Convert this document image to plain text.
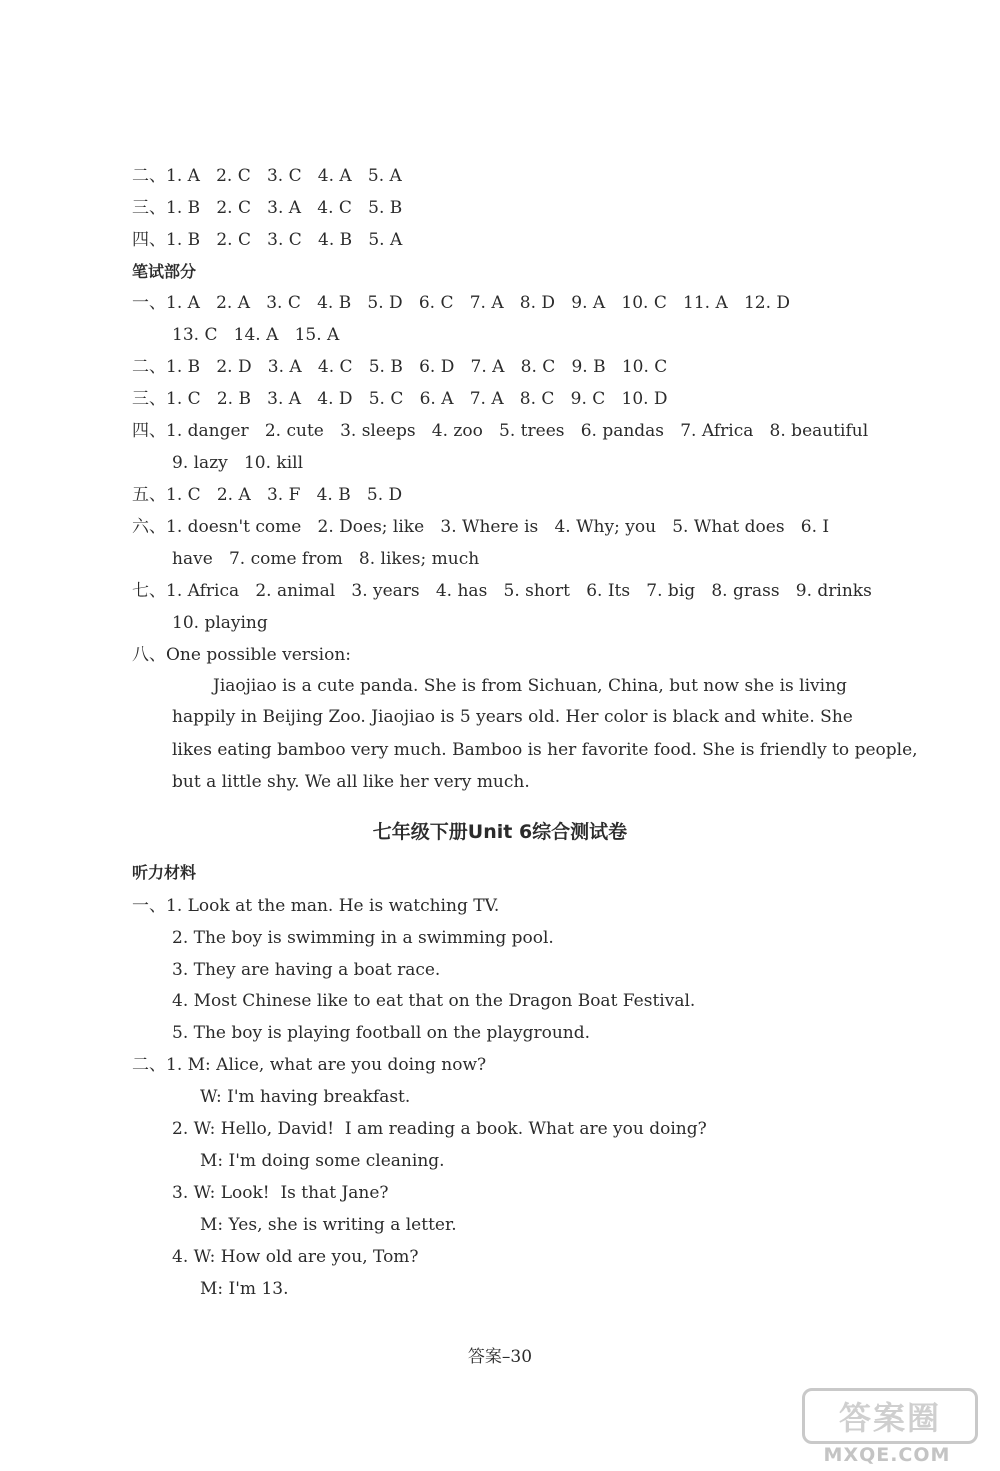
二、1. A   2. C   3. C   4. A   5. A
三、1. B   2. C   3. A   4. C   5. B
四、1. B   2. C   3. C   4. B   5. A
笔试部分
一、1. A   2. A   3. C   4. B   5. D   6. C   7. A   8. D   9. A   10. C   11. A   12. D
13. C   14. A   15. A
二、1. B   2. D   3. A   4. C   5. B   6. D   7. A   8. C   9. B   10. C
三、1. C   2. B   3. A   4. D   5. C   6. A   7. A   8. C   9. C   10. D
四、1. danger   2. cute   3. sleeps   4. zoo   5. trees   6. pandas   7. Africa   8. beautiful
9. lazy   10. kill
五、1. C   2. A   3. F   4. B   5. D
六、1. doesn't come   2. Does; like   3. Where is   4. Why; you   5. What does   6. I
have   7. come from   8. likes; much
七、1. Africa   2. animal   3. years   4. has   5. short   6. Its   7. big   8. grass   9. drinks
10. playing
八、One possible version:
Jiaojiao is a cute panda. She is from Sichuan, China, but now she is living
happily in Beijing Zoo. Jiaojiao is 5 years old. Her color is black and white. She
likes eating bamboo very much. Bamboo is her favorite food. She is friendly to people,
but a little shy. We all like her very much.
七年级下册Unit 6综合测试卷
听力材料
一、1. Look at the man. He is watching TV.
2. The boy is swimming in a swimming pool.
3. They are having a boat race.
4. Most Chinese like to eat that on the Dragon Boat Festival.
5. The boy is playing football on the playground.
二、1. M: Alice, what are you doing now?
W: I'm having breakfast.
2. W: Hello, David!  I am reading a book. What are you doing?
M: I'm doing some cleaning.
3. W: Look!  Is that Jane?
M: Yes, she is writing a letter.
4. W: How old are you, Tom?
M: I'm 13.
答案–30
答案圈
MXQE.COM
